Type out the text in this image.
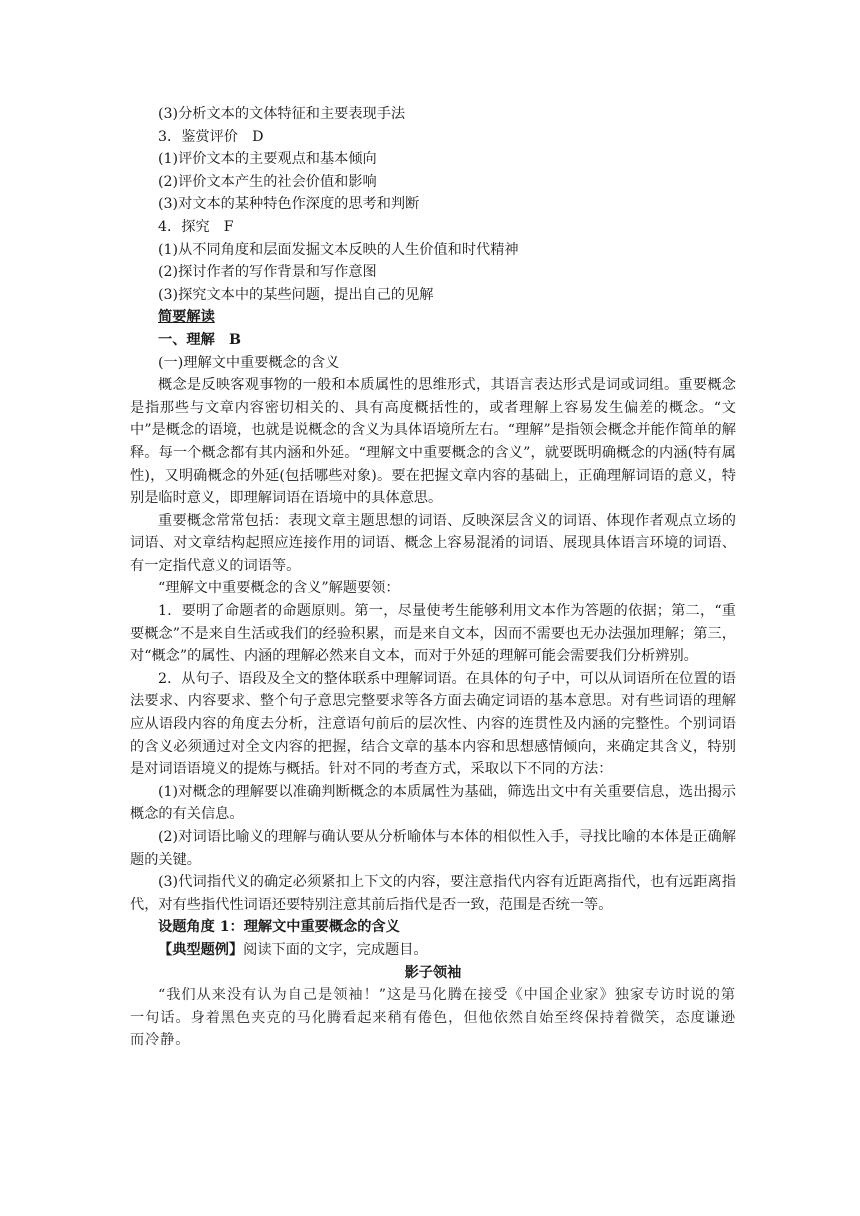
(3)分析文本的文体特征和主要表现手法
3．鉴赏评价　D
(1)评价文本的主要观点和基本倾向
(2)评价文本产生的社会价值和影响
(3)对文本的某种特色作深度的思考和判断
4．探究　F
(1)从不同角度和层面发掘文本反映的人生价值和时代精神
(2)探讨作者的写作背景和写作意图
(3)探究文本中的某些问题，提出自己的见解
简要解读
一、理解　B
(一)理解文中重要概念的含义
概念是反映客观事物的一般和本质属性的思维形式，其语言表达形式是词或词组。重要概念是指那些与文章内容密切相关的、具有高度概括性的，或者理解上容易发生偏差的概念。“文中”是概念的语境，也就是说概念的含义为具体语境所左右。“理解”是指领会概念并能作简单的解释。每一个概念都有其内涵和外延。“理解文中重要概念的含义”，就要既明确概念的内涵(特有属性)，又明确概念的外延(包括哪些对象)。要在把握文章内容的基础上，正确理解词语的意义，特别是临时意义，即理解词语在语境中的具体意思。
重要概念常常包括：表现文章主题思想的词语、反映深层含义的词语、体现作者观点立场的词语、对文章结构起照应连接作用的词语、概念上容易混淆的词语、展现具体语言环境的词语、有一定指代意义的词语等。
“理解文中重要概念的含义”解题要领：
1．要明了命题者的命题原则。第一，尽量使考生能够利用文本作为答题的依据；第二，“重要概念”不是来自生活或我们的经验积累，而是来自文本，因而不需要也无办法强加理解；第三，对“概念”的属性、内涵的理解必然来自文本，而对于外延的理解可能会需要我们分析辨别。
2．从句子、语段及全文的整体联系中理解词语。在具体的句子中，可以从词语所在位置的语法要求、内容要求、整个句子意思完整要求等各方面去确定词语的基本意思。对有些词语的理解应从语段内容的角度去分析，注意语句前后的层次性、内容的连贯性及内涵的完整性。个别词语的含义必须通过对全文内容的把握，结合文章的基本内容和思想感情倾向，来确定其含义，特别是对词语语境义的提炼与概括。针对不同的考查方式，采取以下不同的方法：
(1)对概念的理解要以准确判断概念的本质属性为基础，筛选出文中有关重要信息，选出揭示概念的有关信息。
(2)对词语比喻义的理解与确认要从分析喻体与本体的相似性入手，寻找比喻的本体是正确解题的关键。
(3)代词指代义的确定必须紧扣上下文的内容，要注意指代内容有近距离指代，也有远距离指代，对有些指代性词语还要特别注意其前后指代是否一致，范围是否统一等。
设题角度 1：理解文中重要概念的含义
【典型题例】阅读下面的文字，完成题目。
影子领袖
“我们从来没有认为自己是领袖！”这是马化腾在接受《中国企业家》独家专访时说的第一句话。身着黑色夹克的马化腾看起来稍有倦色，但他依然自始至终保持着微笑，态度谦逊而冷静。
